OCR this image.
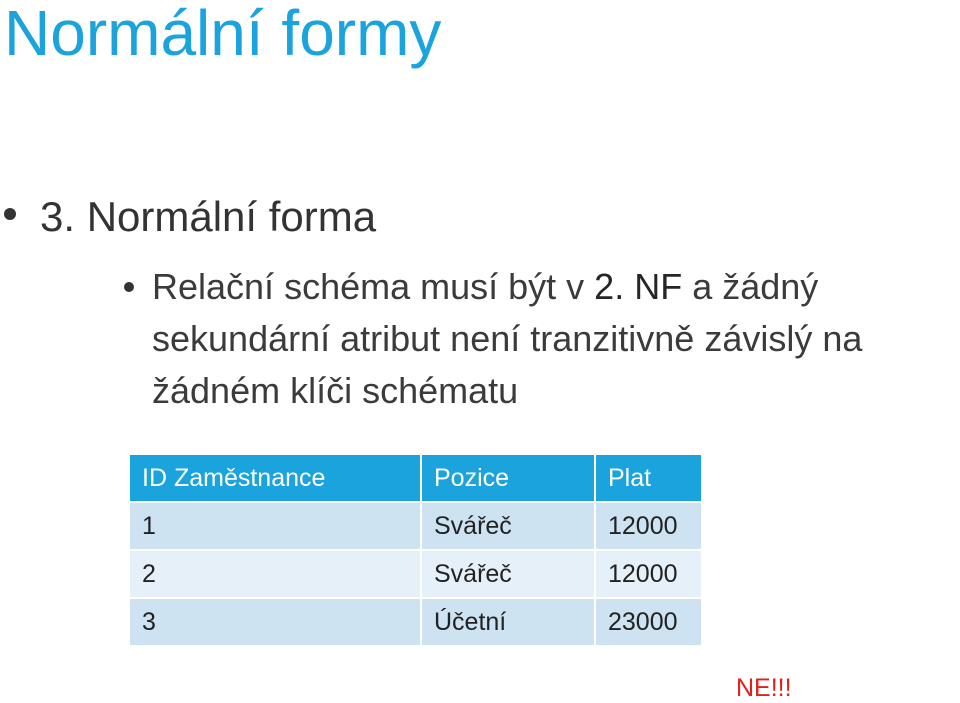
Normální formy
3. Normální forma
Relační schéma musí být v 2. NF a žádný sekundární atribut není tranzitivně závislý na žádném klíči schématu
ID Zaměstnance	Pozice	Plat
1	Svářeč	12000
2	Svářeč	12000
3	Účetní	23000
NE!!!
